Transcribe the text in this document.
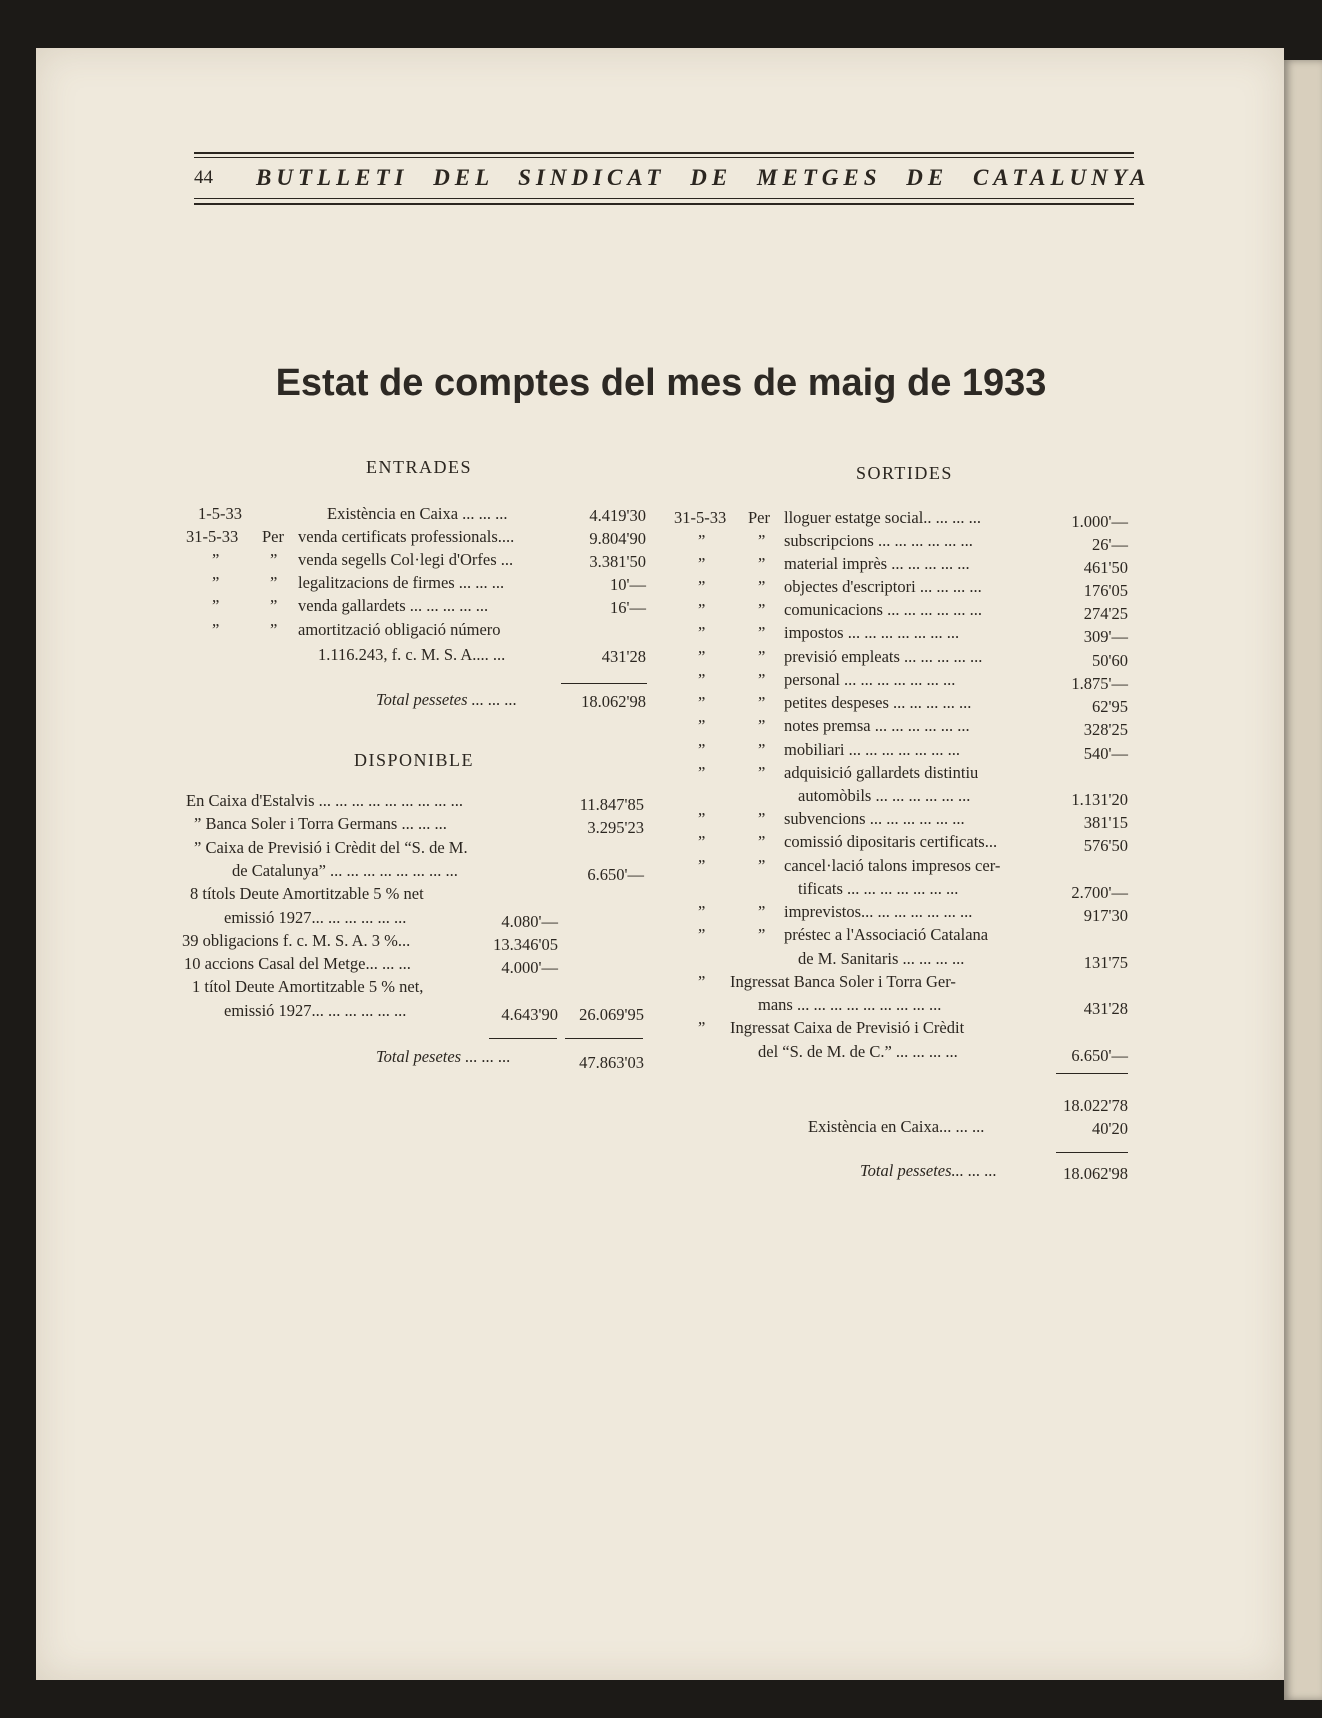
44 BUTLLETI DEL SINDICAT DE METGES DE CATALUNYA
Estat de comptes del mes de maig de 1933
ENTRADES
1-5-33	Existència en Caixa ... ... ...	4.419'30
31-5-33 Per venda certificats professionals....	9.804'90
”	” venda segells Col·legi d'Orfes ...	3.381'50
”	” legalitzacions de firmes ... ... ...	10'—
”	” venda gallardets ... ... ... ... ...	16'—
”	” amortització obligació número
1.116.243, f. c. M. S. A.... ...	431'28
Total pessetes ... ... ...	18.062'98
DISPONIBLE
En Caixa d'Estalvis ... ... ... ... ... ... ... ... ...	11.847'85
” Banca Soler i Torra Germans ... ... ...	3.295'23
” Caixa de Previsió i Crèdit del “S. de M.
de Catalunya” ... ... ... ... ... ... ... ...	6.650'—
8 títols Deute Amortitzable 5 % net
emissió 1927... ... ... ... ... ...	4.080'—
39 obligacions f. c. M. S. A. 3 %...	13.346'05
10 accions Casal del Metge... ... ...	4.000'—
1 títol Deute Amortitzable 5 % net,
emissió 1927... ... ... ... ... ...	4.643'90	26.069'95
Total pesetes ... ... ...	47.863'03
SORTIDES
31-5-33 Per lloguer estatge social.. ... ... ...	1.000'—
”	” subscripcions ... ... ... ... ... ...	26'—
”	” material imprès ... ... ... ... ...	461'50
”	” objectes d'escriptori ... ... ... ...	176'05
”	” comunicacions ... ... ... ... ... ...	274'25
”	” impostos ... ... ... ... ... ... ...	309'—
”	” previsió empleats ... ... ... ... ...	50'60
”	” personal ... ... ... ... ... ... ...	1.875'—
”	” petites despeses ... ... ... ... ...	62'95
”	” notes premsa ... ... ... ... ... ...	328'25
”	” mobiliari ... ... ... ... ... ... ...	540'—
”	” adquisició gallardets distintiu
automòbils ... ... ... ... ... ...	1.131'20
”	” subvencions ... ... ... ... ... ...	381'15
”	” comissió dipositaris certificats...	576'50
”	” cancel·lació talons impresos cer-
tificats ... ... ... ... ... ... ...	2.700'—
”	” imprevistos... ... ... ... ... ... ...	917'30
”	” préstec a l'Associació Catalana
de M. Sanitaris ... ... ... ...	131'75
” Ingressat Banca Soler i Torra Ger-
mans ... ... ... ... ... ... ... ... ...	431'28
” Ingressat Caixa de Previsió i Crèdit
del “S. de M. de C.” ... ... ... ...	6.650'—
18.022'78
Existència en Caixa... ... ...	40'20
Total pessetes... ... ...	18.062'98
